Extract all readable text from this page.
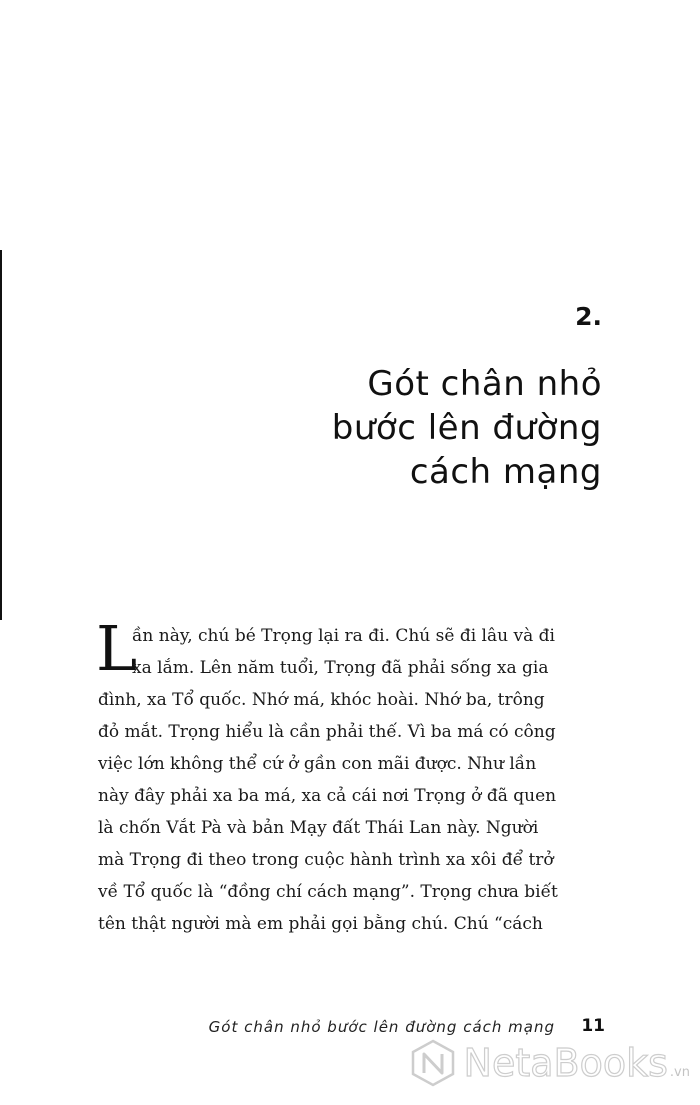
2.
Gót chân nhỏ
bước lên đường
cách mạng
L
ần này, chú bé Trọng lại ra đi. Chú sẽ đi lâu và đi
xa lắm. Lên năm tuổi, Trọng đã phải sống xa gia
đình, xa Tổ quốc. Nhớ má, khóc hoài. Nhớ ba, trông
đỏ mắt. Trọng hiểu là cần phải thế. Vì ba má có công
việc lớn không thể cứ ở gần con mãi được. Như lần
này đây phải xa ba má, xa cả cái nơi Trọng ở đã quen
là chốn Vắt Pà và bản Mạy đất Thái Lan này. Người
mà Trọng đi theo trong cuộc hành trình xa xôi để trở
về Tổ quốc là “đồng chí cách mạng”. Trọng chưa biết
tên thật người mà em phải gọi bằng chú. Chú “cách
Gót chân nhỏ bước lên đường cách mạng 11
NetaBooks .vn
